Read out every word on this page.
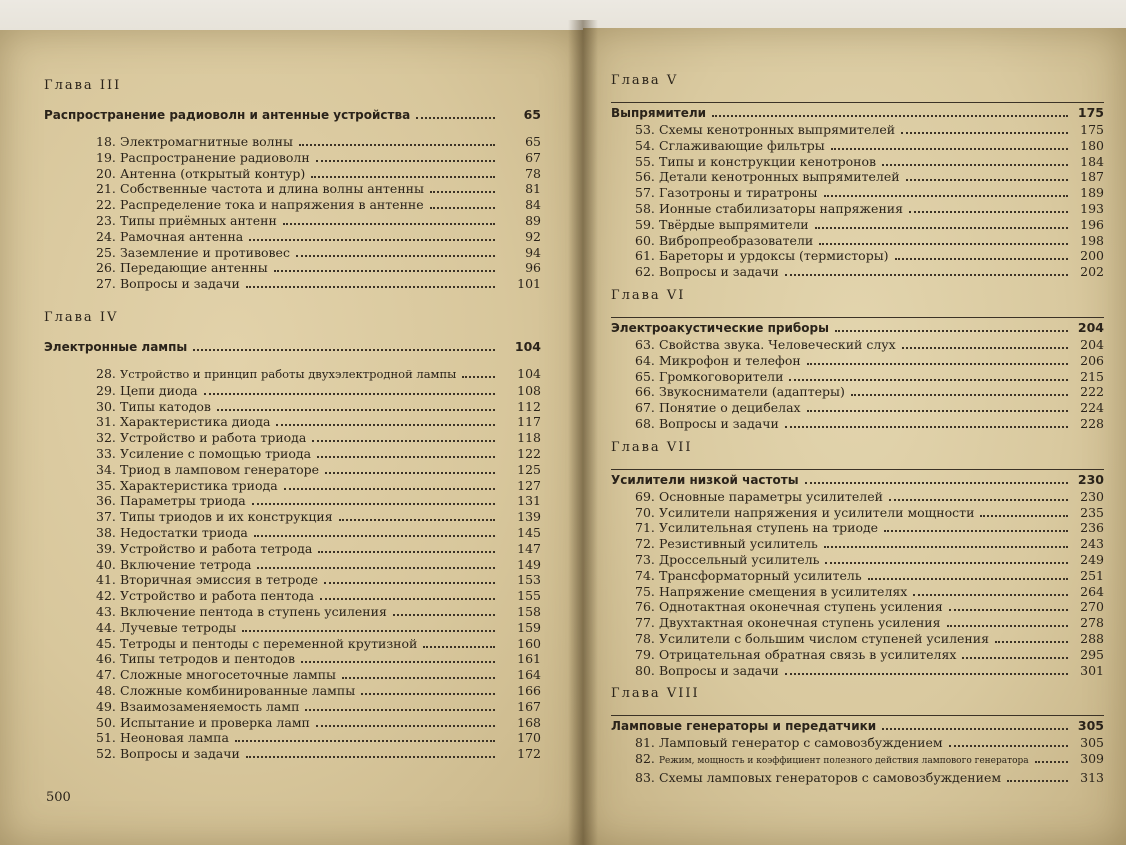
Глава III
Распространение радиоволн и антенные устройства	65
18. Электромагнитные волны	65
19. Распространение радиоволн	67
20. Антенна (открытый контур)	78
21. Собственные частота и длина волны антенны	81
22. Распределение тока и напряжения в антенне	84
23. Типы приёмных антенн	89
24. Рамочная антенна	92
25. Заземление и противовес	94
26. Передающие антенны	96
27. Вопросы и задачи	101
Глава IV
Электронные лампы	104
28. Устройство и принцип работы двухэлектродной лампы	104
29. Цепи диода	108
30. Типы катодов	112
31. Характеристика диода	117
32. Устройство и работа триода	118
33. Усиление с помощью триода	122
34. Триод в ламповом генераторе	125
35. Характеристика триода	127
36. Параметры триода	131
37. Типы триодов и их конструкция	139
38. Недостатки триода	145
39. Устройство и работа тетрода	147
40. Включение тетрода	149
41. Вторичная эмиссия в тетроде	153
42. Устройство и работа пентода	155
43. Включение пентода в ступень усиления	158
44. Лучевые тетроды	159
45. Тетроды и пентоды с переменной крутизной	160
46. Типы тетродов и пентодов	161
47. Сложные многосеточные лампы	164
48. Сложные комбинированные лампы	166
49. Взаимозаменяемость ламп	167
50. Испытание и проверка ламп	168
51. Неоновая лампа	170
52. Вопросы и задачи	172
500
Глава V
Выпрямители	175
53. Схемы кенотронных выпрямителей	175
54. Сглаживающие фильтры	180
55. Типы и конструкции кенотронов	184
56. Детали кенотронных выпрямителей	187
57. Газотроны и тиратроны	189
58. Ионные стабилизаторы напряжения	193
59. Твёрдые выпрямители	196
60. Вибропреобразователи	198
61. Бареторы и урдоксы (термисторы)	200
62. Вопросы и задачи	202
Глава VI
Электроакустические приборы	204
63. Свойства звука. Человеческий слух	204
64. Микрофон и телефон	206
65. Громкоговорители	215
66. Звукосниматели (адаптеры)	222
67. Понятие о децибелах	224
68. Вопросы и задачи	228
Глава VII
Усилители низкой частоты	230
69. Основные параметры усилителей	230
70. Усилители напряжения и усилители мощности	235
71. Усилительная ступень на триоде	236
72. Резистивный усилитель	243
73. Дроссельный усилитель	249
74. Трансформаторный усилитель	251
75. Напряжение смещения в усилителях	264
76. Однотактная оконечная ступень усиления	270
77. Двухтактная оконечная ступень усиления	278
78. Усилители с большим числом ступеней усиления	288
79. Отрицательная обратная связь в усилителях	295
80. Вопросы и задачи	301
Глава VIII
Ламповые генераторы и передатчики	305
81. Ламповый генератор с самовозбуждением	305
82. Режим, мощность и коэффициент полезного действия лампового генератора	309
83. Схемы ламповых генераторов с самовозбуждением	313
